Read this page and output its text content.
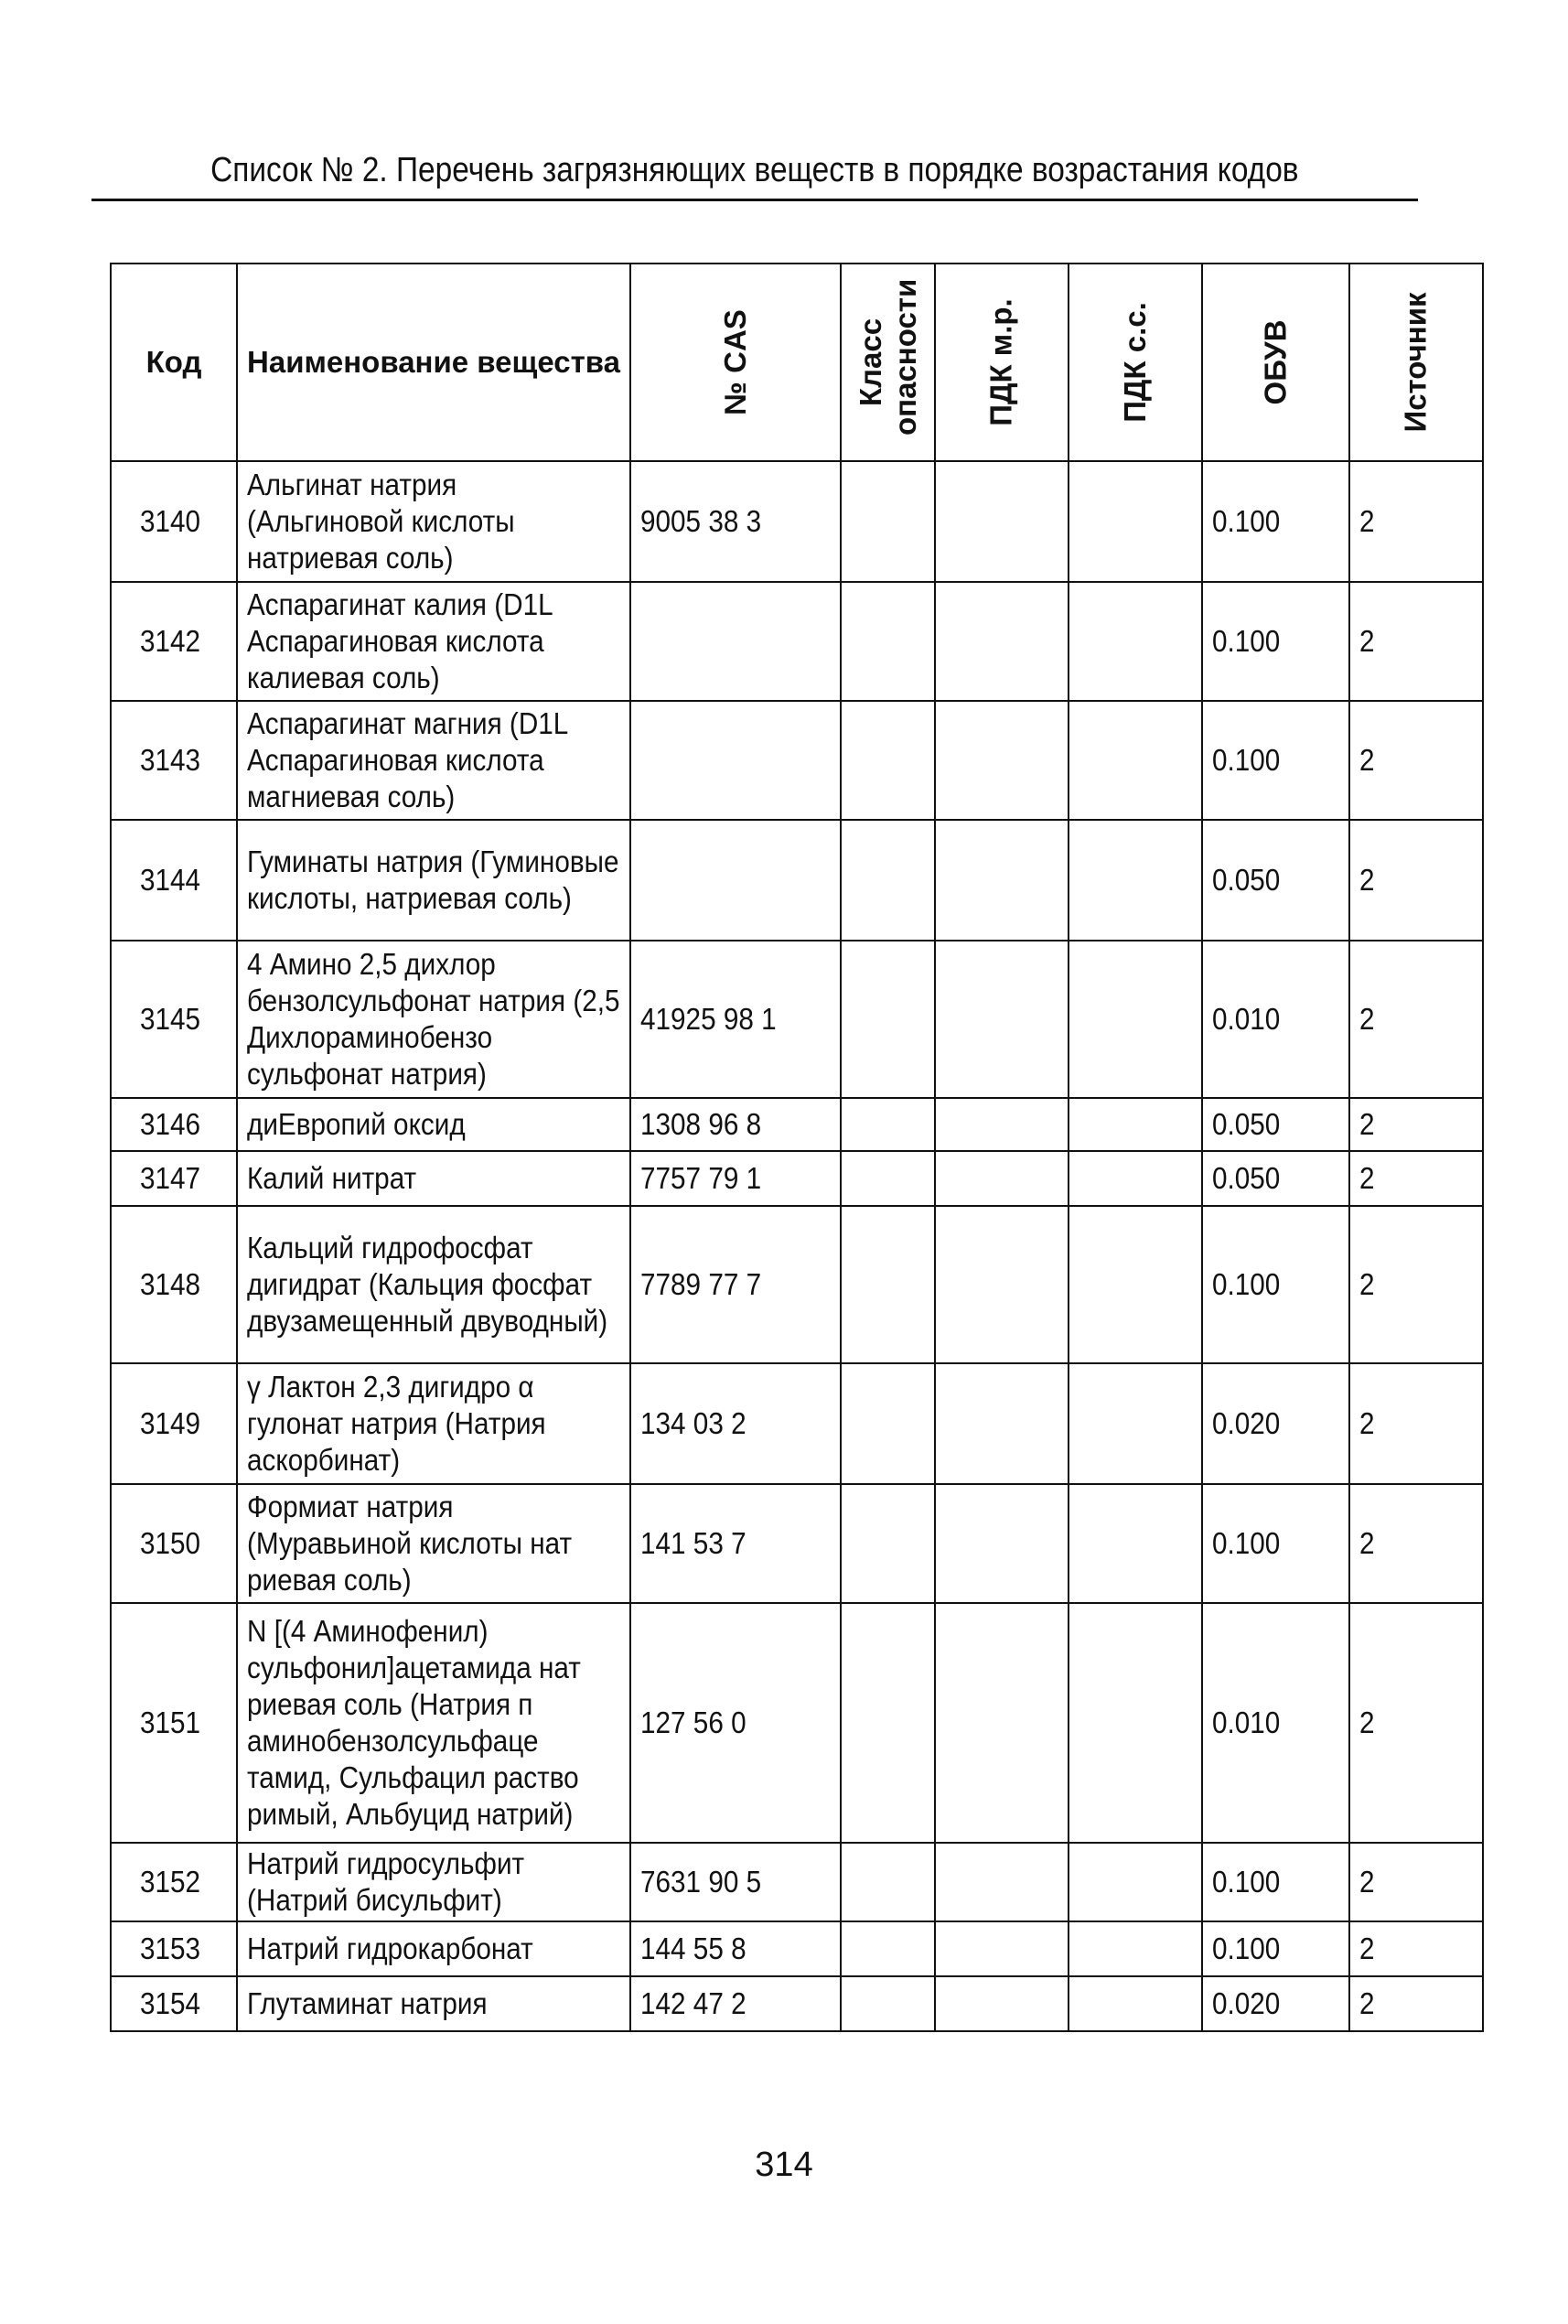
Список № 2. Перечень загрязняющих веществ в порядке возрастания кодов
Код	Наименование вещества	№ CAS	Класс опасности	ПДК м.р.	ПДК с.с.	ОБУВ	Источник

3140	Альгинат натрия (Альгиновой кислоты натриевая соль)	9005 38 3				0.100	2
3142	Аспарагинат калия (D1L Аспарагиновая кислота калиевая соль)					0.100	2
3143	Аспарагинат магния (D1L Аспарагиновая кислота магниевая соль)					0.100	2
3144	Гуминаты натрия (Гуминовые кислоты, натриевая соль)					0.050	2
3145	4 Амино 2,5 дихлор бензолсульфонат натрия (2,5 Дихлораминобензо сульфонат натрия)	41925 98 1				0.010	2
3146	диЕвропий оксид	1308 96 8				0.050	2
3147	Калий нитрат	7757 79 1				0.050	2
3148	Кальций гидрофосфат дигидрат (Кальция фосфат двузамещенный двуводный)	7789 77 7				0.100	2
3149	γ Лактон 2,3 дигидро α гулонат натрия (Натрия аскорбинат)	134 03 2				0.020	2
3150	Формиат натрия (Муравьиной кислоты нат риевая соль)	141 53 7				0.100	2
3151	N [(4 Аминофенил) сульфонил]ацетамида нат риевая соль (Натрия п аминобензолсульфаце тамид, Сульфацил раство римый, Альбуцид натрий)	127 56 0				0.010	2
3152	Натрий гидросульфит (Натрий бисульфит)	7631 90 5				0.100	2
3153	Натрий гидрокарбонат	144 55 8				0.100	2
3154	Глутаминат натрия	142 47 2				0.020	2
314
